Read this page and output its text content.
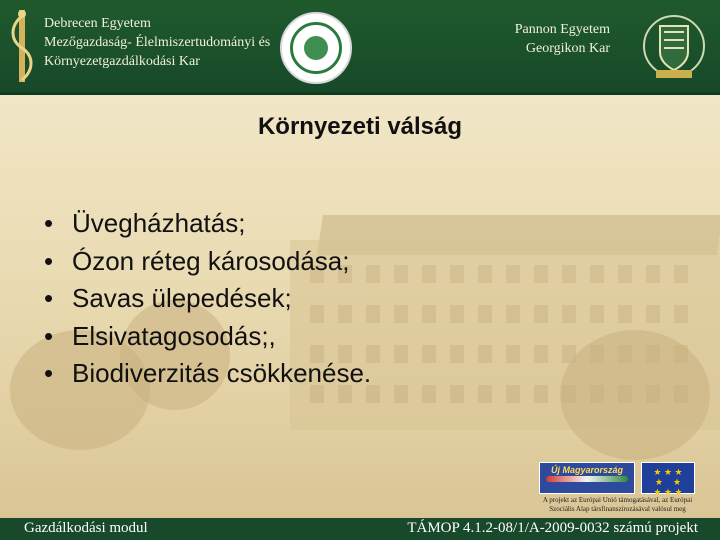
Debrecen Egyetem
Mezőgazdaság- Élelmiszertudományi és
Környezetgazdálkodási Kar
Pannon Egyetem
Georgikon Kar
Környezeti válság
• Üvegházhatás;
• Ózon réteg károsodása;
• Savas ülepedések;
• Elsivatagosodás;,
• Biodiverzitás csökkenése.
Új Magyarország	★ ★ ★
★    ★
★ ★ ★
A projekt az Európai Unió támogatásával, az Európai
Szociális Alap társfinanszírozásával valósul meg
Gazdálkodási modul	TÁMOP 4.1.2-08/1/A-2009-0032 számú projekt
